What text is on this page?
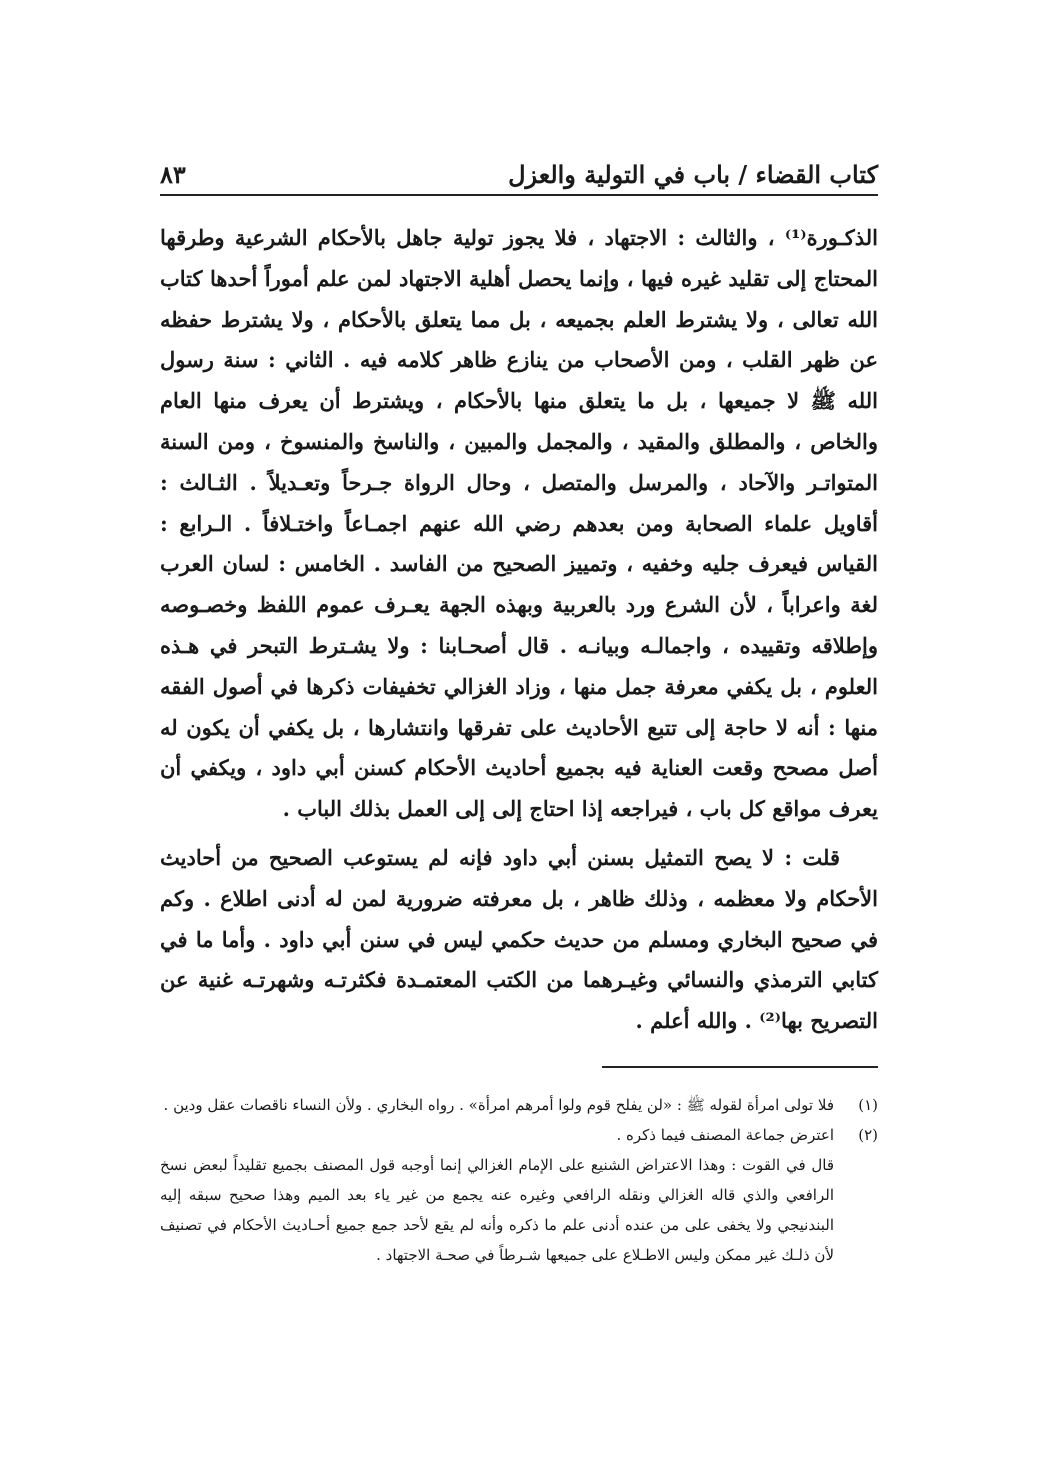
كتاب القضاء / باب في التولية والعزل
٨٣

الذكـورة⁽¹⁾ ، والثالث : الاجتهاد ، فلا يجوز تولية جاهل بالأحكام الشرعية وطرقها المحتاج إلى تقليد غيره فيها ، وإنما يحصل أهلية الاجتهاد لمن علم أموراً أحدها كتاب الله تعالى ، ولا يشترط العلم بجميعه ، بل مما يتعلق بالأحكام ، ولا يشترط حفظه عن ظهر القلب ، ومن الأصحاب من ينازع ظاهر كلامه فيه . الثاني : سنة رسول الله ﷺ لا جميعها ، بل ما يتعلق منها بالأحكام ، ويشترط أن يعرف منها العام والخاص ، والمطلق والمقيد ، والمجمل والمبين ، والناسخ والمنسوخ ، ومن السنة المتواتـر والآحاد ، والمرسل والمتصل ، وحال الرواة جـرحاً وتعـديلاً . الثـالث : أقاويل علماء الصحابة ومن بعدهم رضي الله عنهم اجمـاعاً واختـلافاً . الـرابع : القياس فيعرف جليه وخفيه ، وتمييز الصحيح من الفاسد . الخامس : لسان العرب لغة واعراباً ، لأن الشرع ورد بالعربية وبهذه الجهة يعـرف عموم اللفظ وخصـوصه وإطلاقه وتقييده ، واجمالـه وبيانـه . قال أصحـابنا : ولا يشـترط التبحر في هـذه العلوم ، بل يكفي معرفة جمل منها ، وزاد الغزالي تخفيفات ذكرها في أصول الفقه منها : أنه لا حاجة إلى تتبع الأحاديث على تفرقها وانتشارها ، بل يكفي أن يكون له أصل مصحح وقعت العناية فيه بجميع أحاديث الأحكام كسنن أبي داود ، ويكفي أن يعرف مواقع كل باب ، فيراجعه إذا احتاج إلى إلى العمل بذلك الباب .

قلت : لا يصح التمثيل بسنن أبي داود فإنه لم يستوعب الصحيح من أحاديث الأحكام ولا معظمه ، وذلك ظاهر ، بل معرفته ضرورية لمن له أدنى اطلاع . وكم في صحيح البخاري ومسلم من حديث حكمي ليس في سنن أبي داود . وأما ما في كتابي الترمذي والنسائي وغيـرهما من الكتب المعتمـدة فكثرتـه وشهرتـه غنية عن التصريح بها⁽²⁾ . والله أعلم .

(١)

فلا تولى امرأة لقوله ﷺ : «لن يفلح قوم ولوا أمرهم امرأة» . رواه البخاري . ولأن النساء ناقصات عقل ودين .

(٢)

اعترض جماعة المصنف فيما ذكره .

قال في القوت : وهذا الاعتراض الشنيع على الإمام الغزالي إنما أوجبه قول المصنف بجميع تقليداً لبعض نسخ الرافعي والذي قاله الغزالي ونقله الرافعي وغيره عنه يجمع من غير ياء بعد الميم وهذا صحيح سبقه إليه البندنيجي ولا يخفى على من عنده أدنى علم ما ذكره وأنه لم يقع لأحد جمع جميع أحـاديث الأحكام في تصنيف لأن ذلـك غير ممكن وليس الاطـلاع على جميعها شـرطاً في صحـة الاجتهاد .
